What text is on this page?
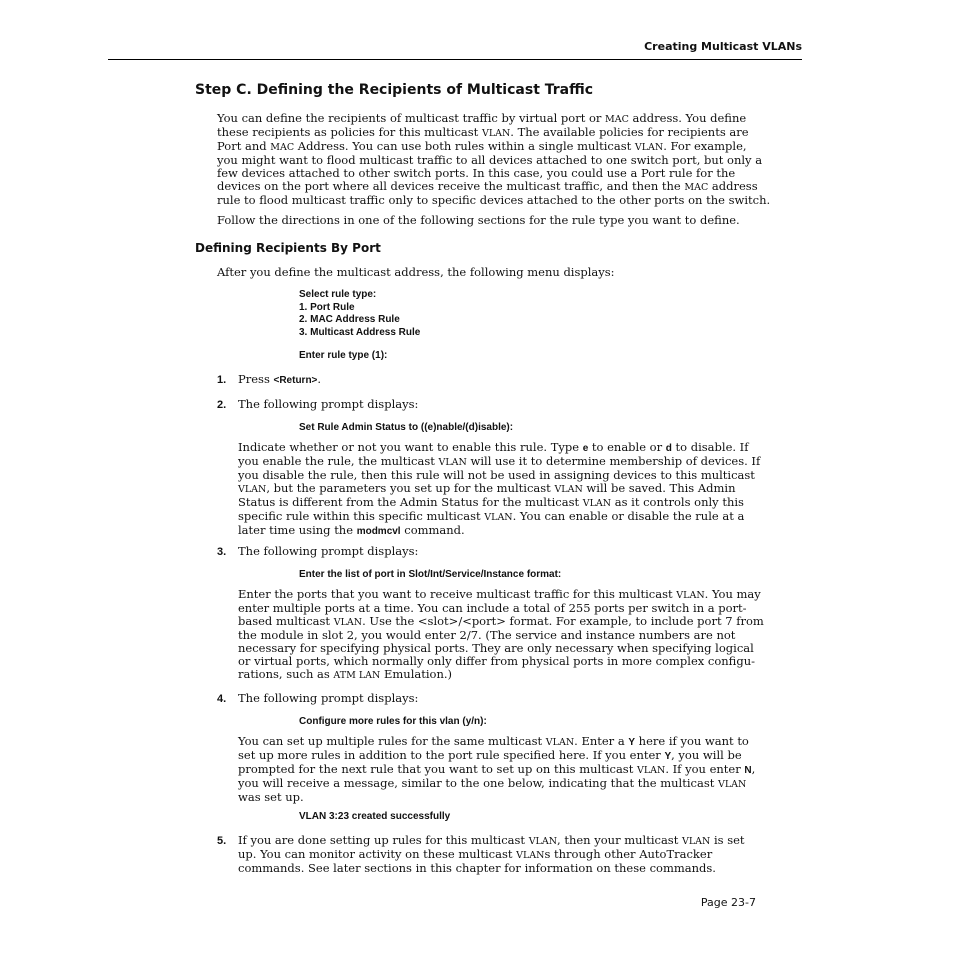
Creating Multicast VLANs
Step C. Defining the Recipients of Multicast Traffic
You can define the recipients of multicast traffic by virtual port or MAC address. You define
these recipients as policies for this multicast VLAN. The available policies for recipients are
Port and MAC Address. You can use both rules within a single multicast VLAN. For example,
you might want to flood multicast traffic to all devices attached to one switch port, but only a
few devices attached to other switch ports. In this case, you could use a Port rule for the
devices on the port where all devices receive the multicast traffic, and then the MAC address
rule to flood multicast traffic only to specific devices attached to the other ports on the switch.
Follow the directions in one of the following sections for the rule type you want to define.
Defining Recipients By Port
After you define the multicast address, the following menu displays:
Select rule type:
1. Port Rule
2. MAC Address Rule
3. Multicast Address Rule
Enter rule type (1):
1. Press <Return>.
2. The following prompt displays:
Set Rule Admin Status to ((e)nable/(d)isable):
Indicate whether or not you want to enable this rule. Type e to enable or d to disable. If
you enable the rule, the multicast VLAN will use it to determine membership of devices. If
you disable the rule, then this rule will not be used in assigning devices to this multicast
VLAN, but the parameters you set up for the multicast VLAN will be saved. This Admin
Status is different from the Admin Status for the multicast VLAN as it controls only this
specific rule within this specific multicast VLAN. You can enable or disable the rule at a
later time using the modmcvl command.
3. The following prompt displays:
Enter the list of port in Slot/Int/Service/Instance format:
Enter the ports that you want to receive multicast traffic for this multicast VLAN. You may
enter multiple ports at a time. You can include a total of 255 ports per switch in a port-
based multicast VLAN. Use the <slot>/<port> format. For example, to include port 7 from
the module in slot 2, you would enter 2/7. (The service and instance numbers are not
necessary for specifying physical ports. They are only necessary when specifying logical
or virtual ports, which normally only differ from physical ports in more complex configu-
rations, such as ATM LAN Emulation.)
4. The following prompt displays:
Configure more rules for this vlan (y/n):
You can set up multiple rules for the same multicast VLAN. Enter a Y here if you want to
set up more rules in addition to the port rule specified here. If you enter Y, you will be
prompted for the next rule that you want to set up on this multicast VLAN. If you enter N,
you will receive a message, similar to the one below, indicating that the multicast VLAN
was set up.
VLAN 3:23 created successfully
5. If you are done setting up rules for this multicast VLAN, then your multicast VLAN is set
up. You can monitor activity on these multicast VLANs through other AutoTracker
commands. See later sections in this chapter for information on these commands.
Page 23-7
